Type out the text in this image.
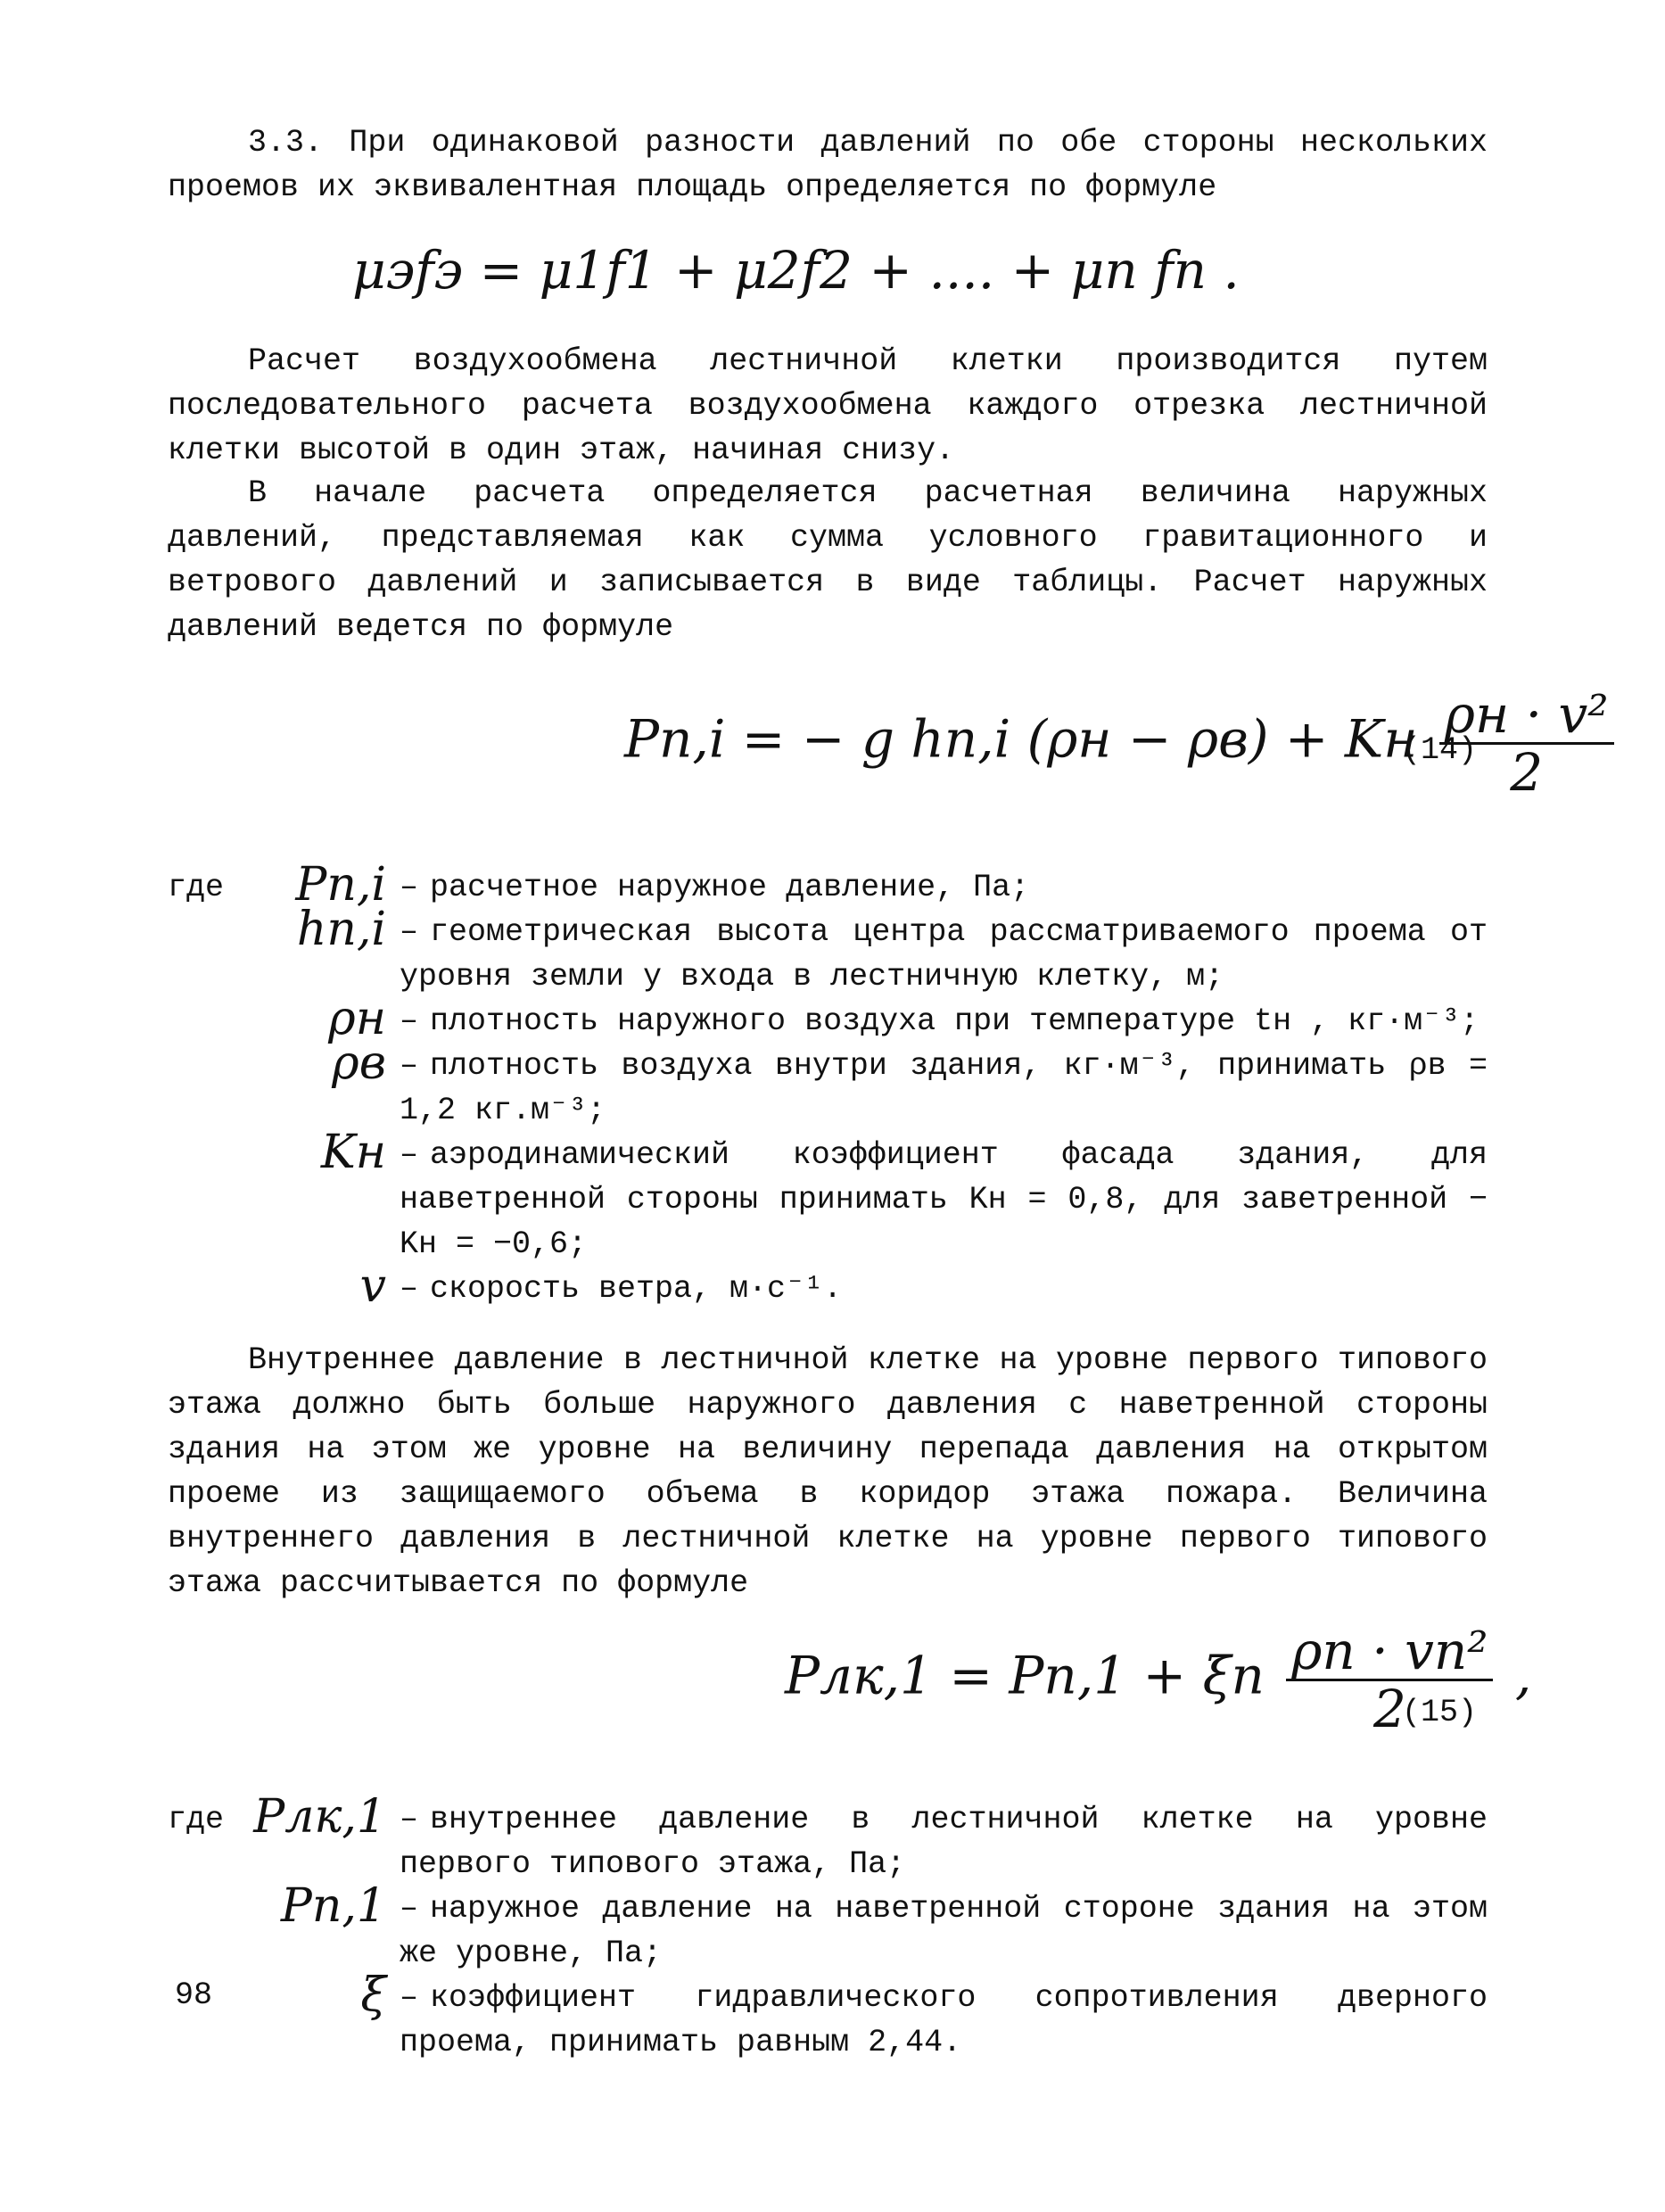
3.3. При одинаковой разности давлений по обе стороны нескольких проемов их эквивалентная площадь определяется по формуле

μэfэ = μ1f1 + μ2f2 + .... + μп fп .

Расчет воздухообмена лестничной клетки производится путем последовательного расчета воздухообмена каждого отрезка лестничной клетки высотой в один этаж, начиная снизу.

В начале расчета определяется расчетная величина наружных давлений, представляемая как сумма условного гравитационного и ветрового давлений и записывается в виде таблицы. Расчет наружных давлений ведется по формуле

Pп,i = − g hп,i (ρн − ρв) + Kн $\frac{\text{ρн · v²}}{2}$
(14)
где Pп,i – расчетное наружное давление, Па;
hп,i – геометрическая высота центра рассматриваемого проема от уровня земли у входа в лестничную клетку, м;
ρн – плотность наружного воздуха при температуре tн , кг·м⁻³;
ρв – плотность воздуха внутри здания, кг·м⁻³, принимать ρв = 1,2 кг.м⁻³;
Kн – аэродинамический коэффициент фасада здания, для наветренной стороны принимать Kн = 0,8, для заветренной − Kн = −0,6;
v – скорость ветра, м·с⁻¹.

Внутреннее давление в лестничной клетке на уровне первого типового этажа должно быть больше наружного давления с наветренной стороны здания на этом же уровне на величину перепада давления на открытом проеме из защищаемого объема в коридор этажа пожара. Величина внутреннего давления в лестничной клетке на уровне первого типового этажа рассчитывается по формуле

Pлк,1 = Pп,1 + ξп $\frac{\text{ρп · vп²}}{2}$ ,
(15)
где Pлк,1 – внутреннее давление в лестничной клетке на уровне первого типового этажа, Па;
Pп,1 – наружное давление на наветренной стороне здания на этом же уровне, Па;
ξ – коэффициент гидравлического сопротивления дверного проема, принимать равным 2,44.
98
